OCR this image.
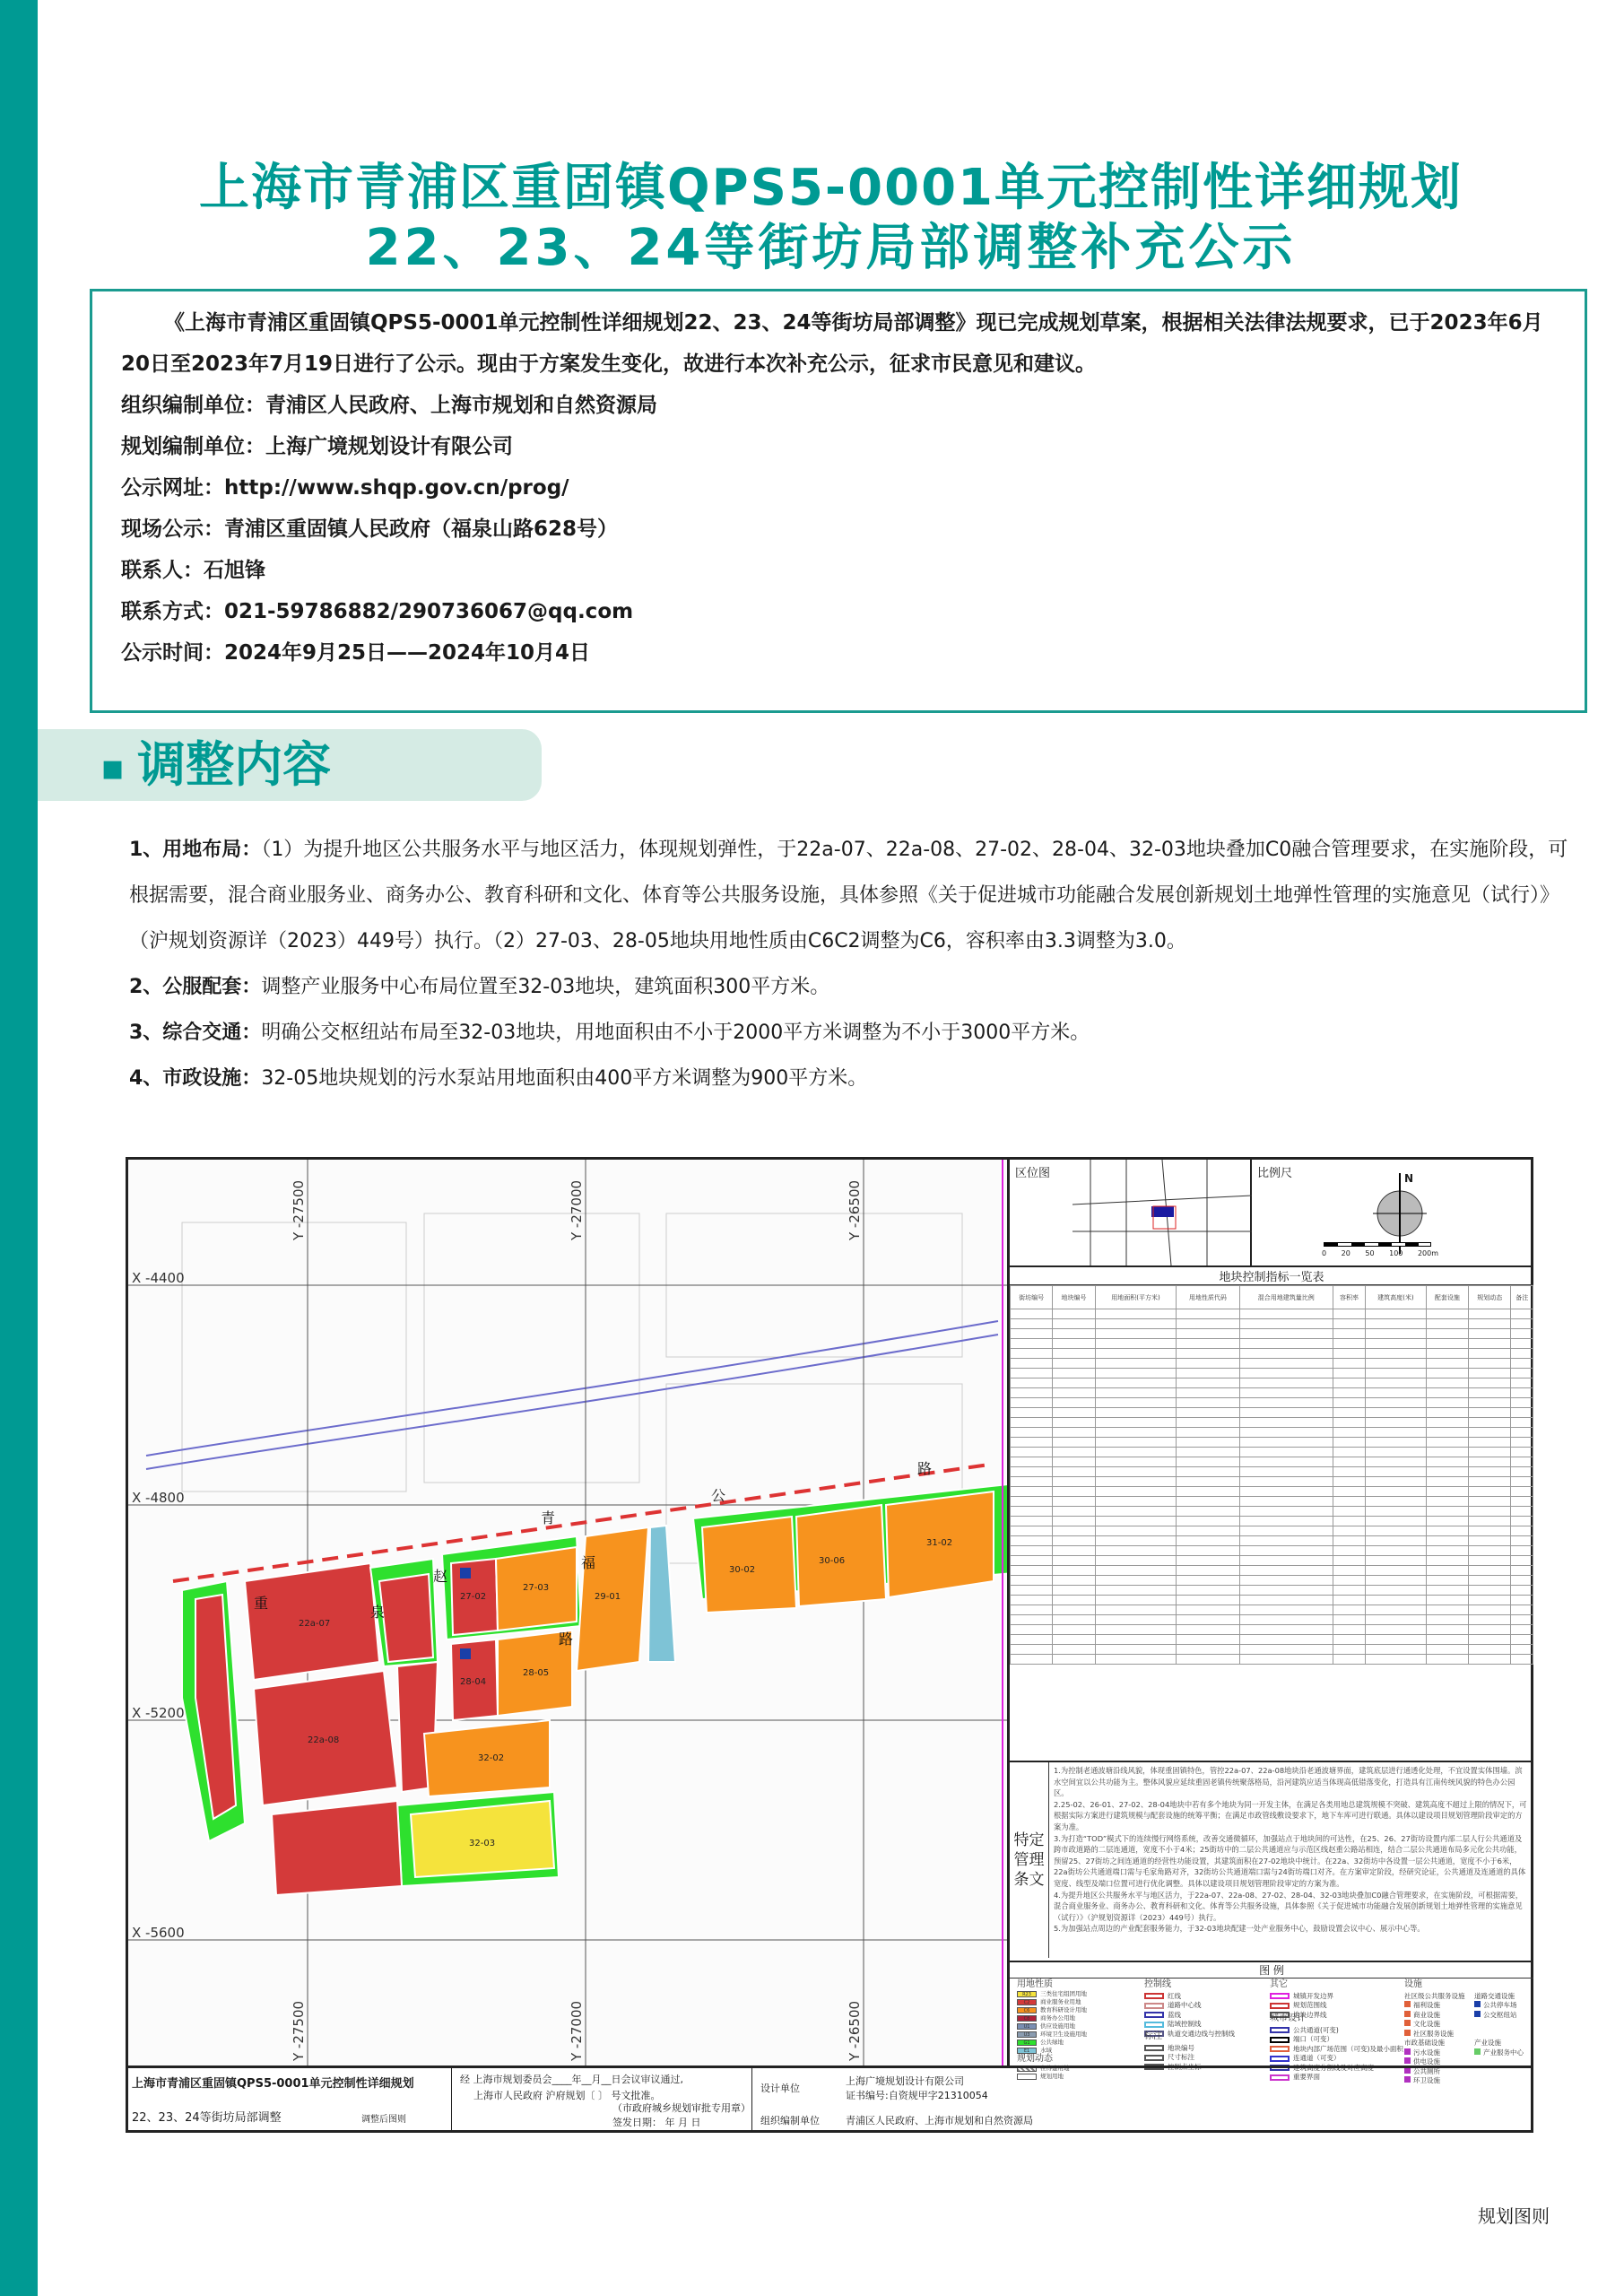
上海市青浦区重固镇QPS5-0001单元控制性详细规划
22、23、24等街坊局部调整补充公示

《上海市青浦区重固镇QPS5-0001单元控制性详细规划22、23、24等街坊局部调整》现已完成规划草案，根据相关法律法规要求，已于2023年6月20日至2023年7月19日进行了公示。现由于方案发生变化，故进行本次补充公示，征求市民意见和建议。

组织编制单位：青浦区人民政府、上海市规划和自然资源局

规划编制单位：上海广境规划设计有限公司

公示网址：http://www.shqp.gov.cn/prog/

现场公示：青浦区重固镇人民政府（福泉山路628号）

联系人：石旭锋

联系方式：021-59786882/290736067@qq.com

公示时间：2024年9月25日——2024年10月4日

▪ 调整内容

1、用地布局：（1）为提升地区公共服务水平与地区活力，体现规划弹性，于22a-07、22a-08、27-02、28-04、32-03地块叠加C0融合管理要求，在实施阶段，可根据需要，混合商业服务业、商务办公、教育科研和文化、体育等公共服务设施，具体参照《关于促进城市功能融合发展创新规划土地弹性管理的实施意见（试行）》（沪规划资源详（2023）449号）执行。（2）27-03、28-05地块用地性质由C6C2调整为C6，容积率由3.3调整为3.0。

2、公服配套：调整产业服务中心布局位置至32-03地块，建筑面积300平方米。

3、综合交通：明确公交枢纽站布局至32-03地块，用地面积由不小于2000平方米调整为不小于3000平方米。

4、市政设施：32-05地块规划的污水泵站用地面积由400平方米调整为900平方米。

Y -27500	Y -27000	Y -26500
X -4400
X -4800
X -5200
X -5600
Y -27500	Y -27000	Y -26500
27-02
27-03
29-01
30-02
30-06
31-02
28-04
28-05
22a-07
22a-08
32-03
32-02
青
公
路
福
泉
路
赵
重
区位图	比例尺	N
0 20 50 100 200m
地块控制指标一览表
街坊编号	地块编号	用地面积(平方米)	用地性质代码	混合用地建筑量比例	容积率	建筑高度(米)	配套设施	规划动态	备注

特定管理条文
1.为控制老通波塘沿线风貌，体现重固镇特色，管控22a-07、22a-08地块沿老通波塘界面，建筑底层进行通透化处理，不宜设置实体围墙。滨水空间宜以公共功能为主。整体风貌应延续重固老镇传统聚落格局，沿河建筑应适当体现高低错落变化，打造具有江南传统风貌的特色办公园区。
2.25-02、26-01、27-02、28-04地块中若有多个地块为同一开发主体，在满足各类用地总建筑规模不突破、建筑高度不超过上限的情况下，可根据实际方案进行建筑规模与配套设施的统筹平衡；在满足市政管线敷设要求下，地下车库可进行联通。具体以建设项目规划管理阶段审定的方案为准。
3.为打造“TOD”模式下的连续慢行网络系统，改善交通微循环，加强站点于地块间的可达性，在25、26、27街坊设置内部二层人行公共通道及跨市政道路的二层连通道，宽度不小于4米；25街坊中的二层公共通道应与示范区线赵重公路站相连，结合二层公共通道布局多元化公共功能，预留25、27街坊之间连通道的经营性功能设置，其建筑面积在27-02地块中统计。在22a、32街坊中各设置一层公共通道，宽度不小于6米，22a街坊公共通道端口需与毛家角路对齐，32街坊公共通道端口需与24街坊端口对齐。在方案审定阶段，经研究论证，公共通道及连通道的具体宽度、线型及端口位置可进行优化调整。具体以建设项目规划管理阶段审定的方案为准。
4.为提升地区公共服务水平与地区活力，于22a-07、22a-08、27-02、28-04、32-03地块叠加C0融合管理要求，在实施阶段，可根据需要，混合商业服务业、商务办公、教育科研和文化、体育等公共服务设施，具体参照《关于促进城市功能融合发展创新规划土地弹性管理的实施意见（试行）》（沪规划资源详（2023）449号）执行。
5.为加强站点周边的产业配套服务能力，于32-03地块配建一处产业服务中心，鼓励设置会议中心、展示中心等。
图 例
用地性质
R23 三类住宅组团用地
C2 商业服务业用地
C6 教育科研设计用地
C8 商务办公用地
U1 供应设施用地
U3 环境卫生设施用地
G1 公共绿地
E1 水域
规划动态
在待建用地
规划用地
控制线
红线
道路中心线
蓝线
陆域控制线
轨道交通边线与控制线
标注
地块编号
尺寸标注
控制点坐标
其它
城镇开发边界
规划范围线
地块边界线
城市设计
公共通道(可变)
端口（可变）
地块内部广场范围（可变)及最小面积
连通道（可变）
建筑高度分割线及对应高度
重要界面
设施
社区级公共服务设施
福利设施
商业设施
文化设施
社区服务设施
道路交通设施
公共停车场
公交枢纽站
市政基础设施
污水设施
供电设施
公共厕所
环卫设施
产业设施
产业服务中心
上海市青浦区重固镇QPS5-0001单元控制性详细规划
22、23、24等街坊局部调整	调整后图则
经 上海市规划委员会____年__月__日会议审议通过,
上海市人民政府 沪府规划〔 〕 号文批准。
（市政府城乡规划审批专用章）
签发日期： 年 月 日
设计单位
上海广境规划设计有限公司
证书编号:自资规甲字21310054
组织编制单位	青浦区人民政府、上海市规划和自然资源局
规划图则
